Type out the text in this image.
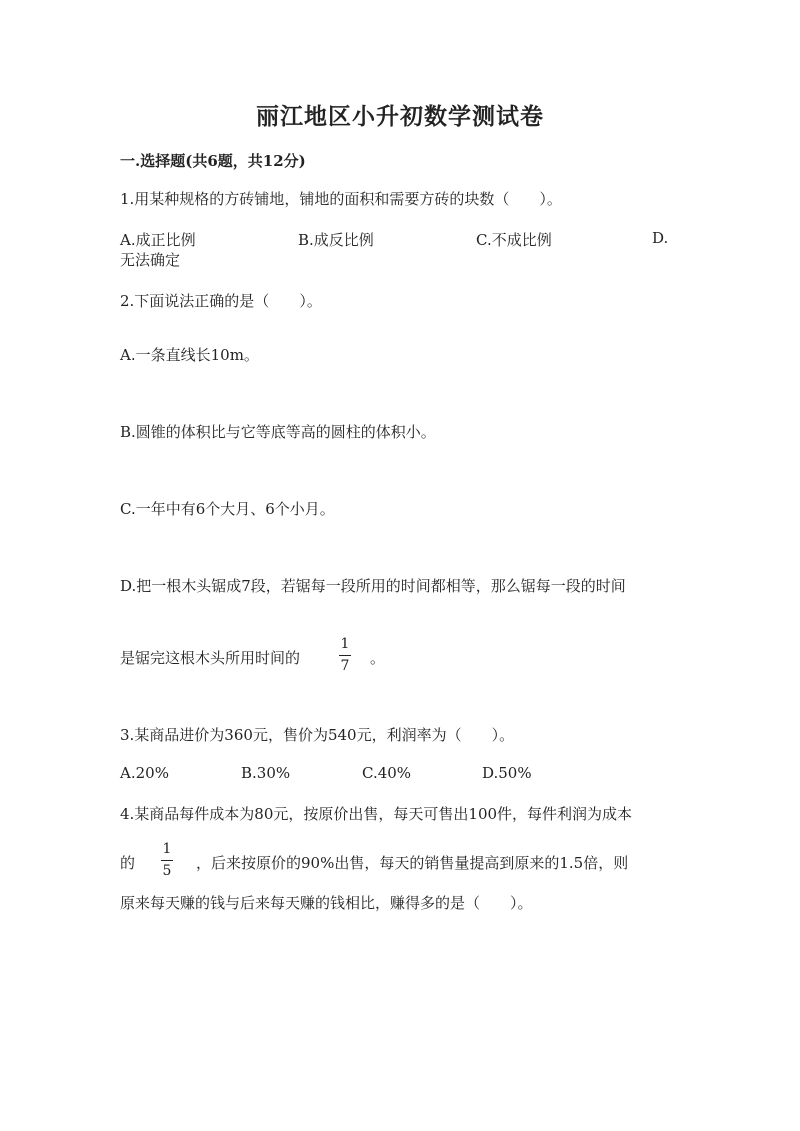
丽江地区小升初数学测试卷
一.选择题(共6题，共12分)
1.用某种规格的方砖铺地，铺地的面积和需要方砖的块数（　　）。
A.成正比例	B.成反比例	C.不成比例	D.
无法确定
2.下面说法正确的是（　　）。
A.一条直线长10m。
B.圆锥的体积比与它等底等高的圆柱的体积小。
C.一年中有6个大月、6个小月。
D.把一根木头锯成7段，若锯每一段所用的时间都相等，那么锯每一段的时间
是锯完这根木头所用时间的
1
7 。
3.某商品进价为360元，售价为540元，利润率为（　　）。
A.20%	B.30%	C.40%	D.50%
4.某商品每件成本为80元，按原价出售，每天可售出100件，每件利润为成本
的
1
5 ，后来按原价的90%出售，每天的销售量提高到原来的1.5倍，则
原来每天赚的钱与后来每天赚的钱相比，赚得多的是（　　）。
